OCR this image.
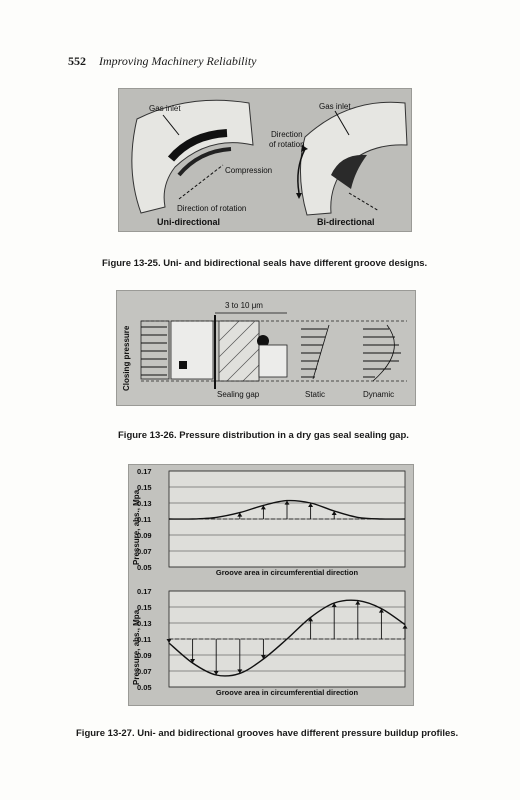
552 Improving Machinery Reliability
Gas inlet	Gas inlet
Direction
of rotation
Compression
Direction of rotation
Uni-directional	Bi-directional
Figure 13-25. Uni- and bidirectional seals have different groove designs.
Closing pressure
3 to 10 μm
Sealing gap	Static	Dynamic
Figure 13-26. Pressure distribution in a dry gas seal sealing gap.
0.17
0.15
0.13
0.11
0.09
0.07
0.05
Pressure, abs., Mpa
Groove area in circumferential direction
0.17
0.15
0.13
0.11
0.09
0.07
0.05
Pressure, abs., Mpa
Groove area in circumferential direction
Figure 13-27. Uni- and bidirectional grooves have different pressure buildup profiles.
